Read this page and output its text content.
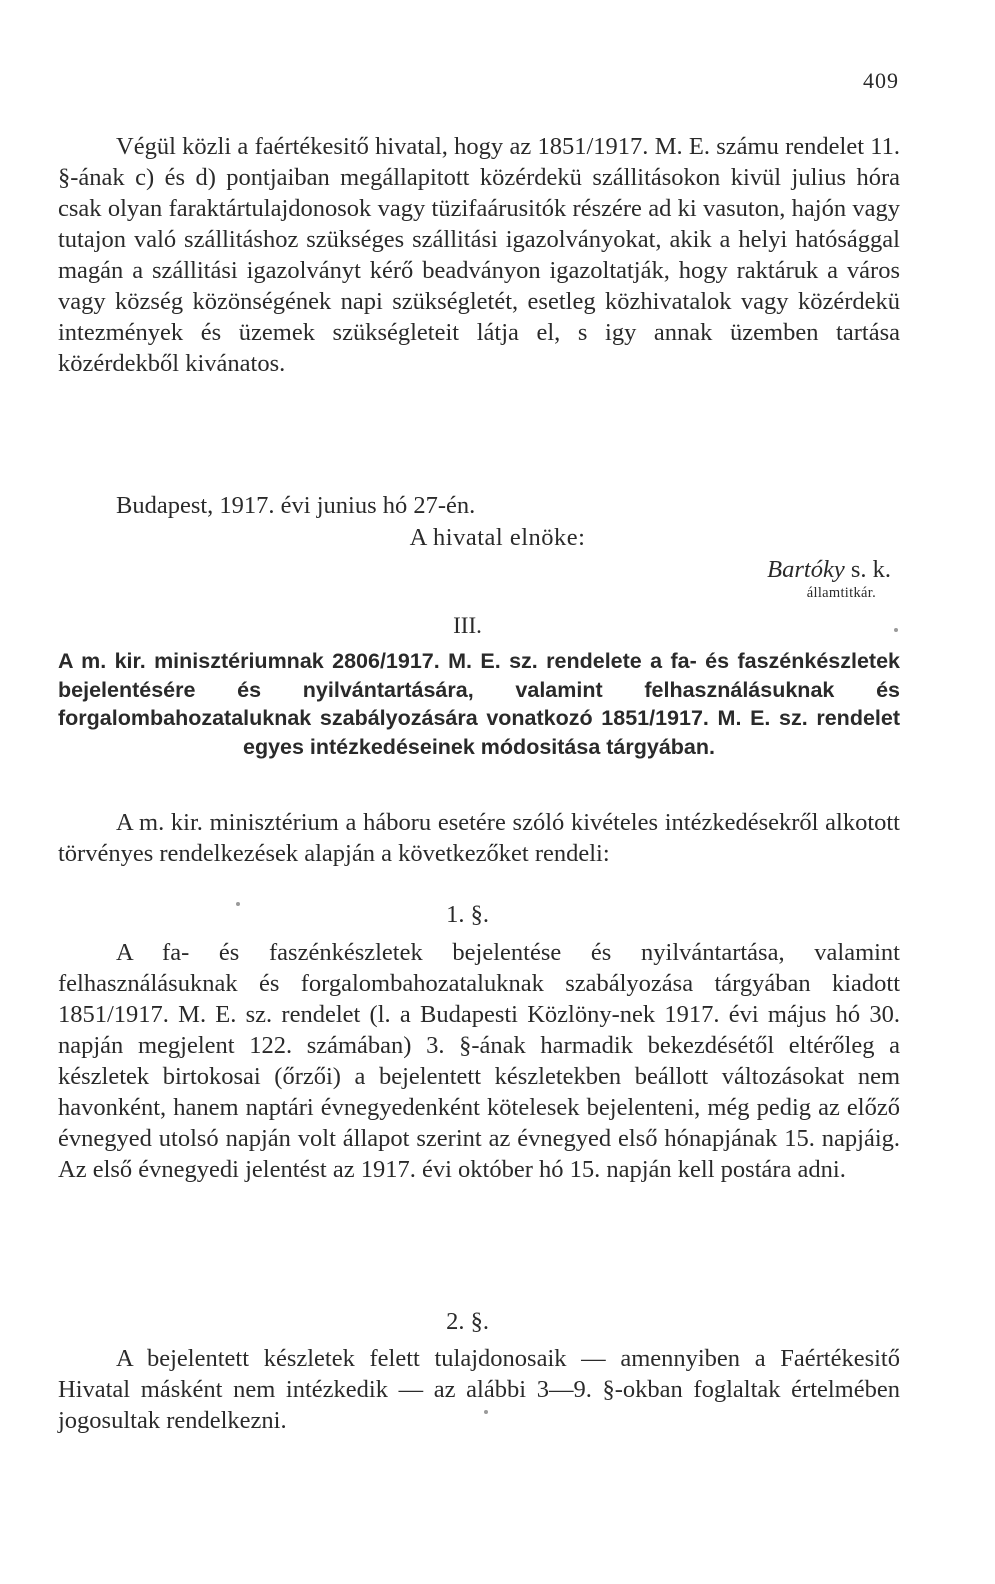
409

Végül közli a faértékesitő hivatal, hogy az 1851/1917. M. E. számu rendelet 11. §-ának c) és d) pontjaiban megállapitott közérdekü szállitásokon kivül julius hóra csak olyan faraktártulajdonosok vagy tüzifaárusitók részére ad ki vasuton, hajón vagy tutajon való szállitáshoz szükséges szállitási igazolványokat, akik a helyi hatósággal magán a szállitási igazolványt kérő beadványon igazoltatják, hogy raktáruk a város vagy község közönségének napi szükségletét, esetleg közhivatalok vagy közérdekü intezmények és üzemek szükségleteit látja el, s igy annak üzemben tartása közérdekből kivánatos.

Budapest, 1917. évi junius hó 27-én.
A hivatal elnöke:
Bartóky s. k.
államtitkár.
III.
A m. kir. minisztériumnak 2806/1917. M. E. sz. rendelete a fa- és faszénkészletek bejelentésére és nyilvántartására, valamint felhasználásuknak és forgalombahozataluknak szabályozására vonatkozó 1851/1917. M. E. sz. rendelet egyes intézkedéseinek módositása tárgyában.

A m. kir. minisztérium a háboru esetére szóló kivételes intézkedésekről alkotott törvényes rendelkezések alapján a következőket rendeli:

1. §.

A fa- és faszénkészletek bejelentése és nyilvántartása, valamint felhasználásuknak és forgalombahozataluknak szabályozása tárgyában kiadott 1851/1917. M. E. sz. rendelet (l. a Budapesti Közlöny-nek 1917. évi május hó 30. napján megjelent 122. számában) 3. §-ának harmadik bekezdésétől eltérőleg a készletek birtokosai (őrzői) a bejelentett készletekben beállott változásokat nem havonként, hanem naptári évnegyedenként kötelesek bejelenteni, még pedig az előző évnegyed utolsó napján volt állapot szerint az évnegyed első hónapjának 15. napjáig. Az első évnegyedi jelentést az 1917. évi október hó 15. napján kell postára adni.

2. §.

A bejelentett készletek felett tulajdonosaik — amennyiben a Faértékesitő Hivatal másként nem intézkedik — az alábbi 3—9. §-okban foglaltak értelmében jogosultak rendelkezni.
